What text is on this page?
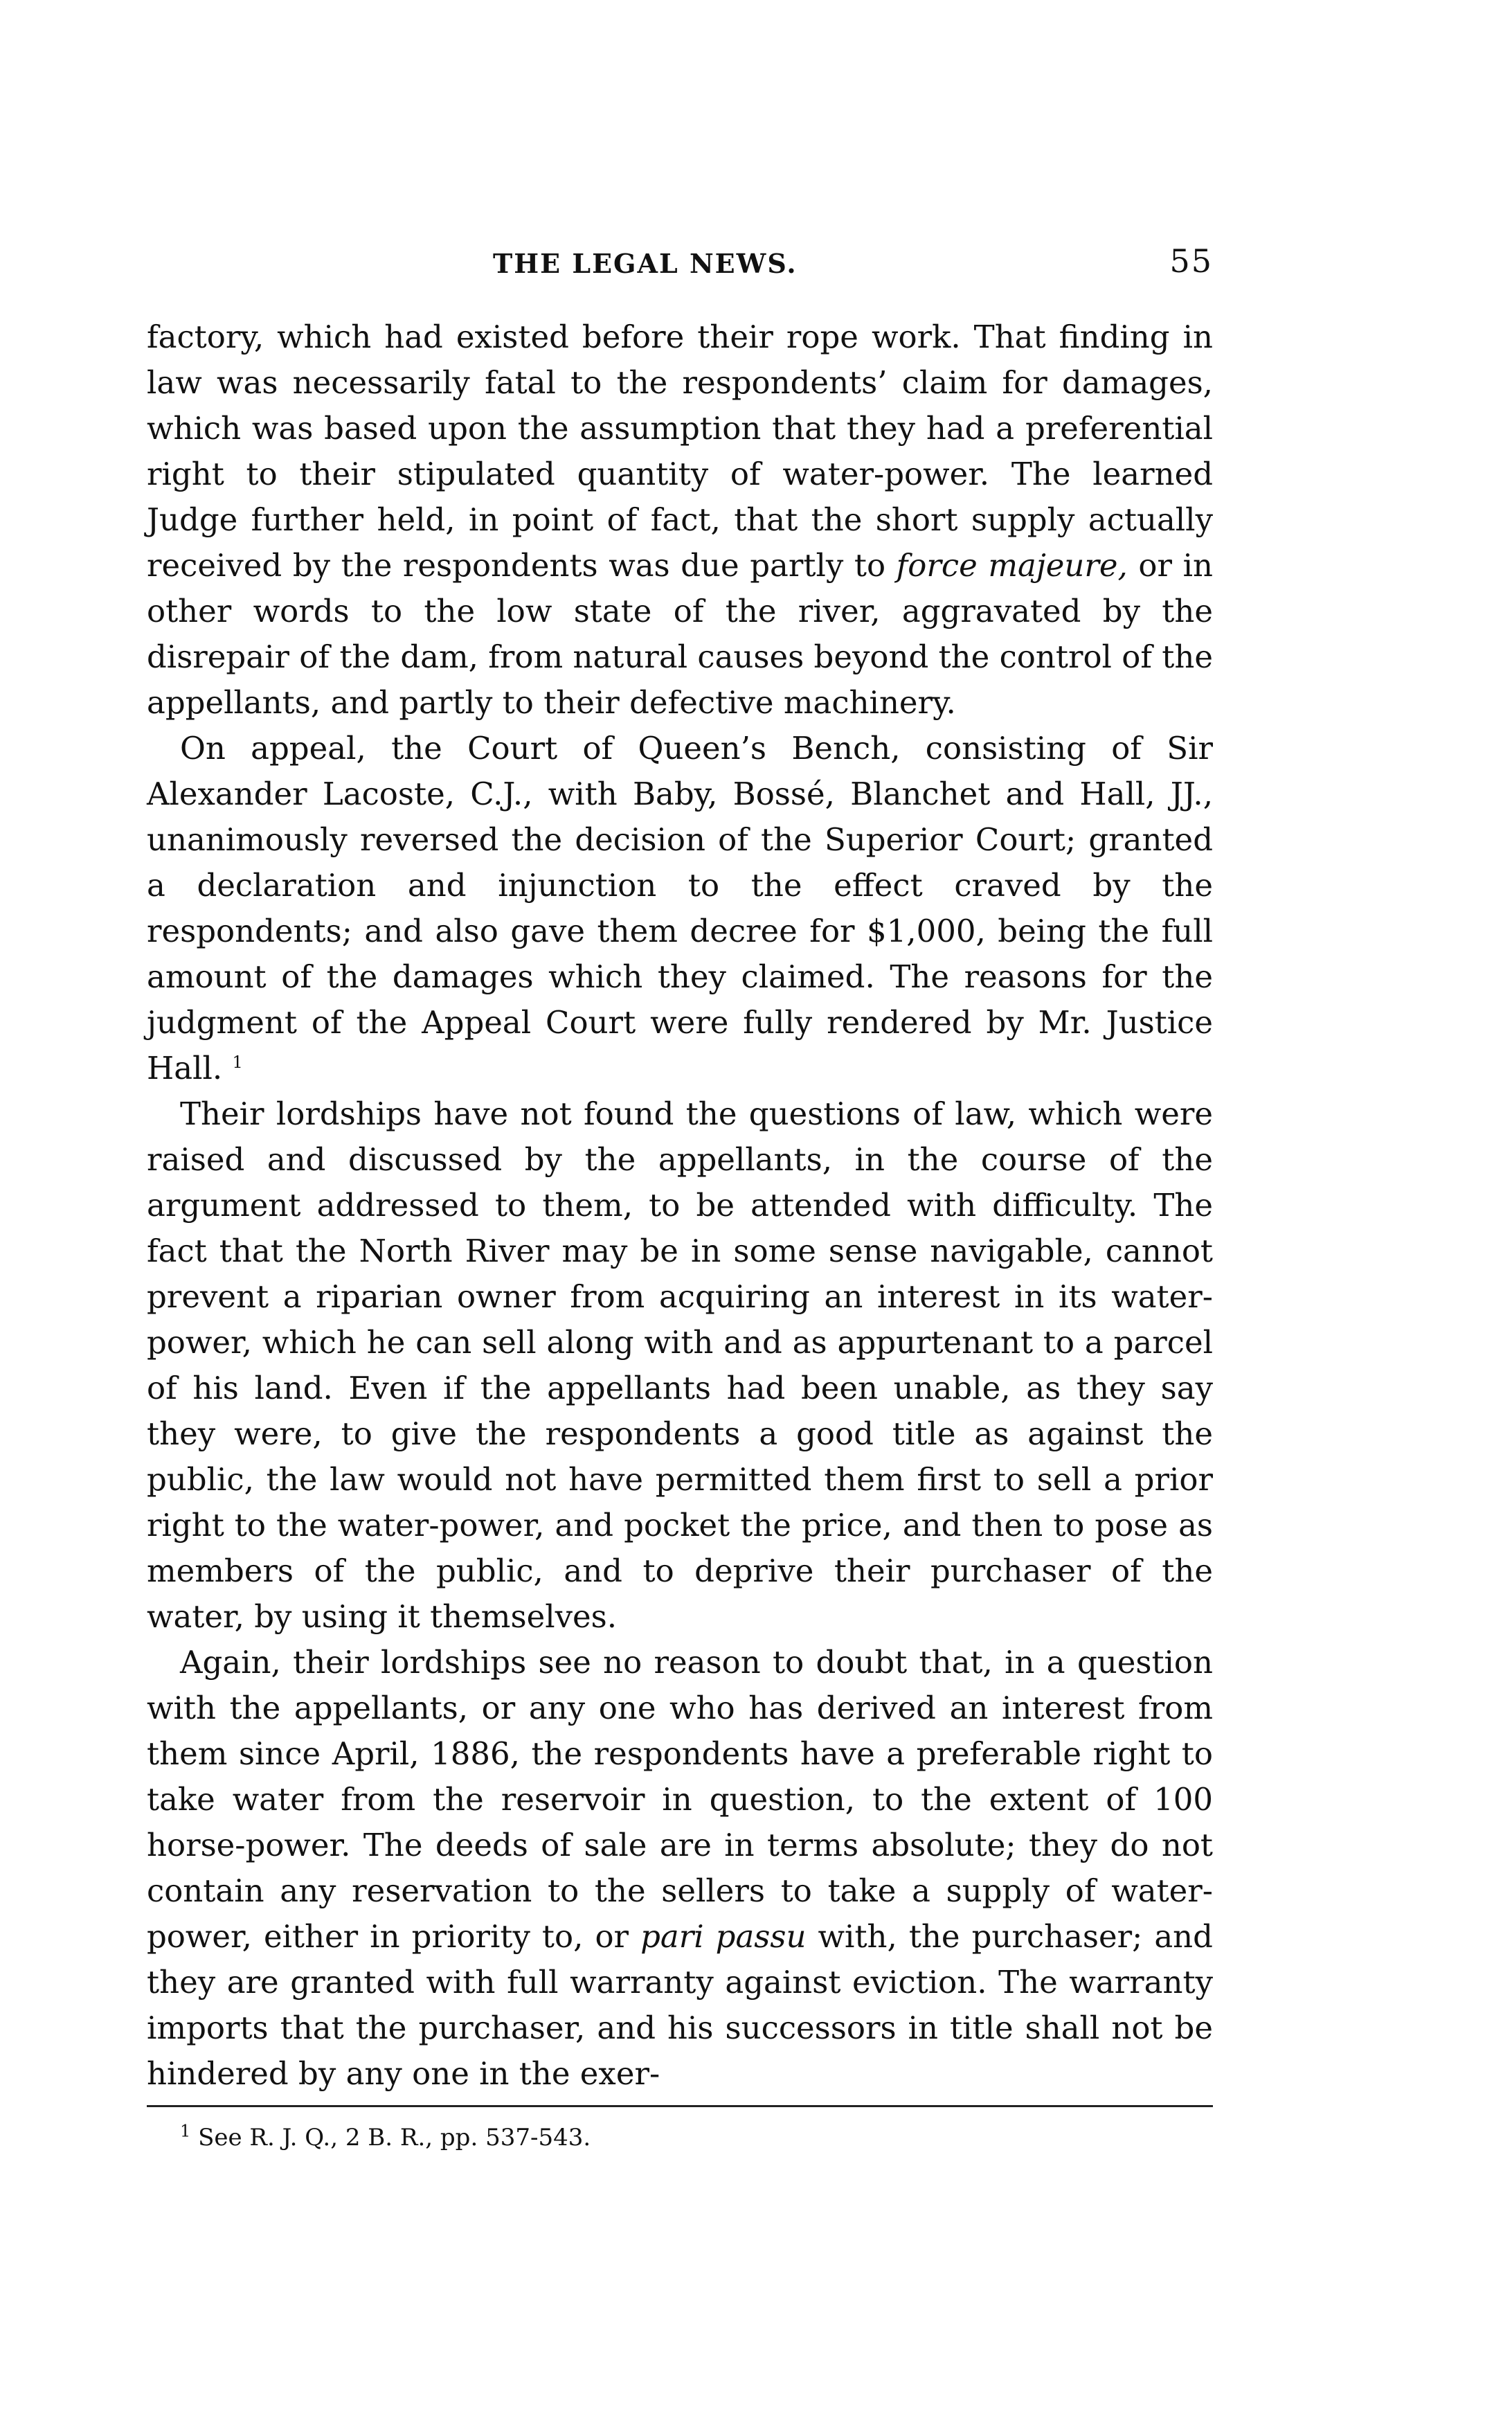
THE LEGAL NEWS.	55

factory, which had existed before their rope work. That finding in law was necessarily fatal to the respondents’ claim for damages, which was based upon the assumption that they had a preferential right to their stipulated quantity of water-power. The learned Judge further held, in point of fact, that the short supply actually received by the respondents was due partly to force majeure, or in other words to the low state of the river, aggravated by the disrepair of the dam, from natural causes beyond the control of the appellants, and partly to their defective machinery.

On appeal, the Court of Queen’s Bench, consisting of Sir Alexander Lacoste, C.J., with Baby, Bossé, Blanchet and Hall, JJ., unanimously reversed the decision of the Superior Court; granted a declaration and injunction to the effect craved by the respondents; and also gave them decree for $1,000, being the full amount of the damages which they claimed. The reasons for the judgment of the Appeal Court were fully rendered by Mr. Justice Hall. $^1$

Their lordships have not found the questions of law, which were raised and discussed by the appellants, in the course of the argument addressed to them, to be attended with difficulty. The fact that the North River may be in some sense navigable, cannot prevent a riparian owner from acquiring an interest in its water-power, which he can sell along with and as appurtenant to a parcel of his land. Even if the appellants had been unable, as they say they were, to give the respondents a good title as against the public, the law would not have permitted them first to sell a prior right to the water-power, and pocket the price, and then to pose as members of the public, and to deprive their purchaser of the water, by using it themselves.

Again, their lordships see no reason to doubt that, in a question with the appellants, or any one who has derived an interest from them since April, 1886, the respondents have a preferable right to take water from the reservoir in question, to the extent of 100 horse-power. The deeds of sale are in terms absolute; they do not contain any reservation to the sellers to take a supply of water-power, either in priority to, or pari passu with, the purchaser; and they are granted with full warranty against eviction. The warranty imports that the purchaser, and his successors in title shall not be hindered by any one in the exer-

$^1$ See R. J. Q., 2 B. R., pp. 537-543.
